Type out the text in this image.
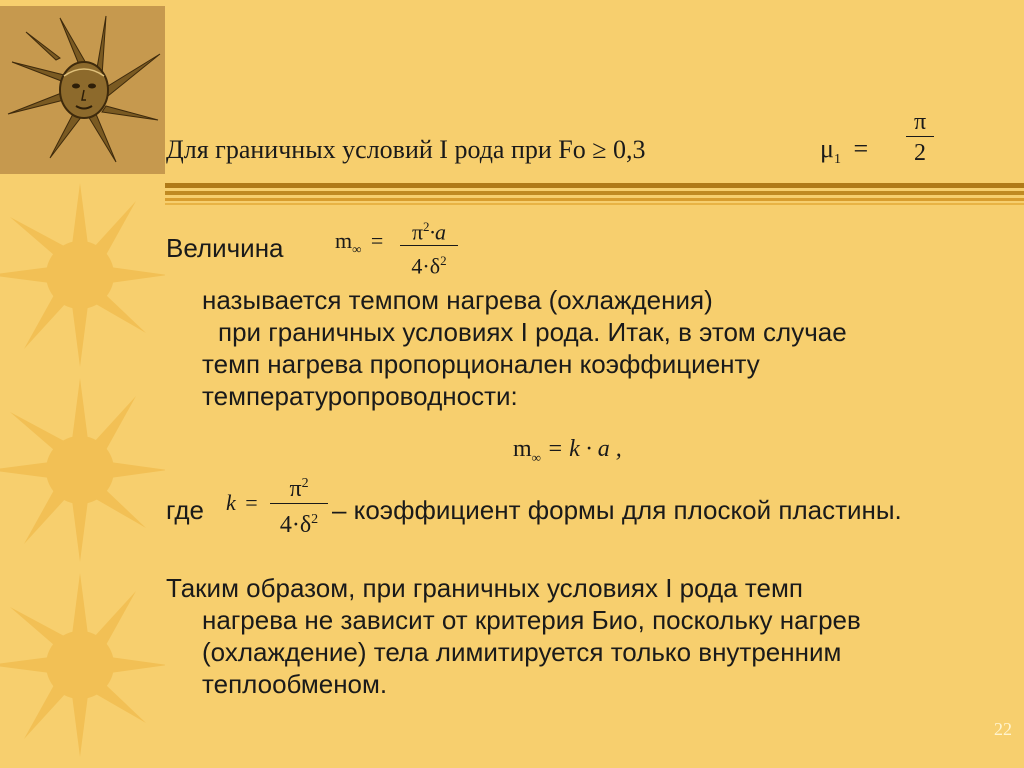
Для граничных условий I рода при Fo ≥ 0,3	$\mu_1 = \frac{\pi}{2}$
Величина $m_\infty = \frac{\pi^2\cdot a}{4\cdot\delta^2}$
называется темпом нагрева (охлаждения)
при граничных условиях I рода. Итак, в этом случае
темп нагрева пропорционален коэффициенту
температуропроводности:
$m_\infty = k \cdot a$ ,
где $k = \frac{\pi^2}{4\cdot\delta^2}$ – коэффициент формы для плоской пластины.
Таким образом, при граничных условиях I рода темп
нагрева не зависит от критерия Био, поскольку нагрев
(охлаждение) тела лимитируется только внутренним
теплообменом.
22
